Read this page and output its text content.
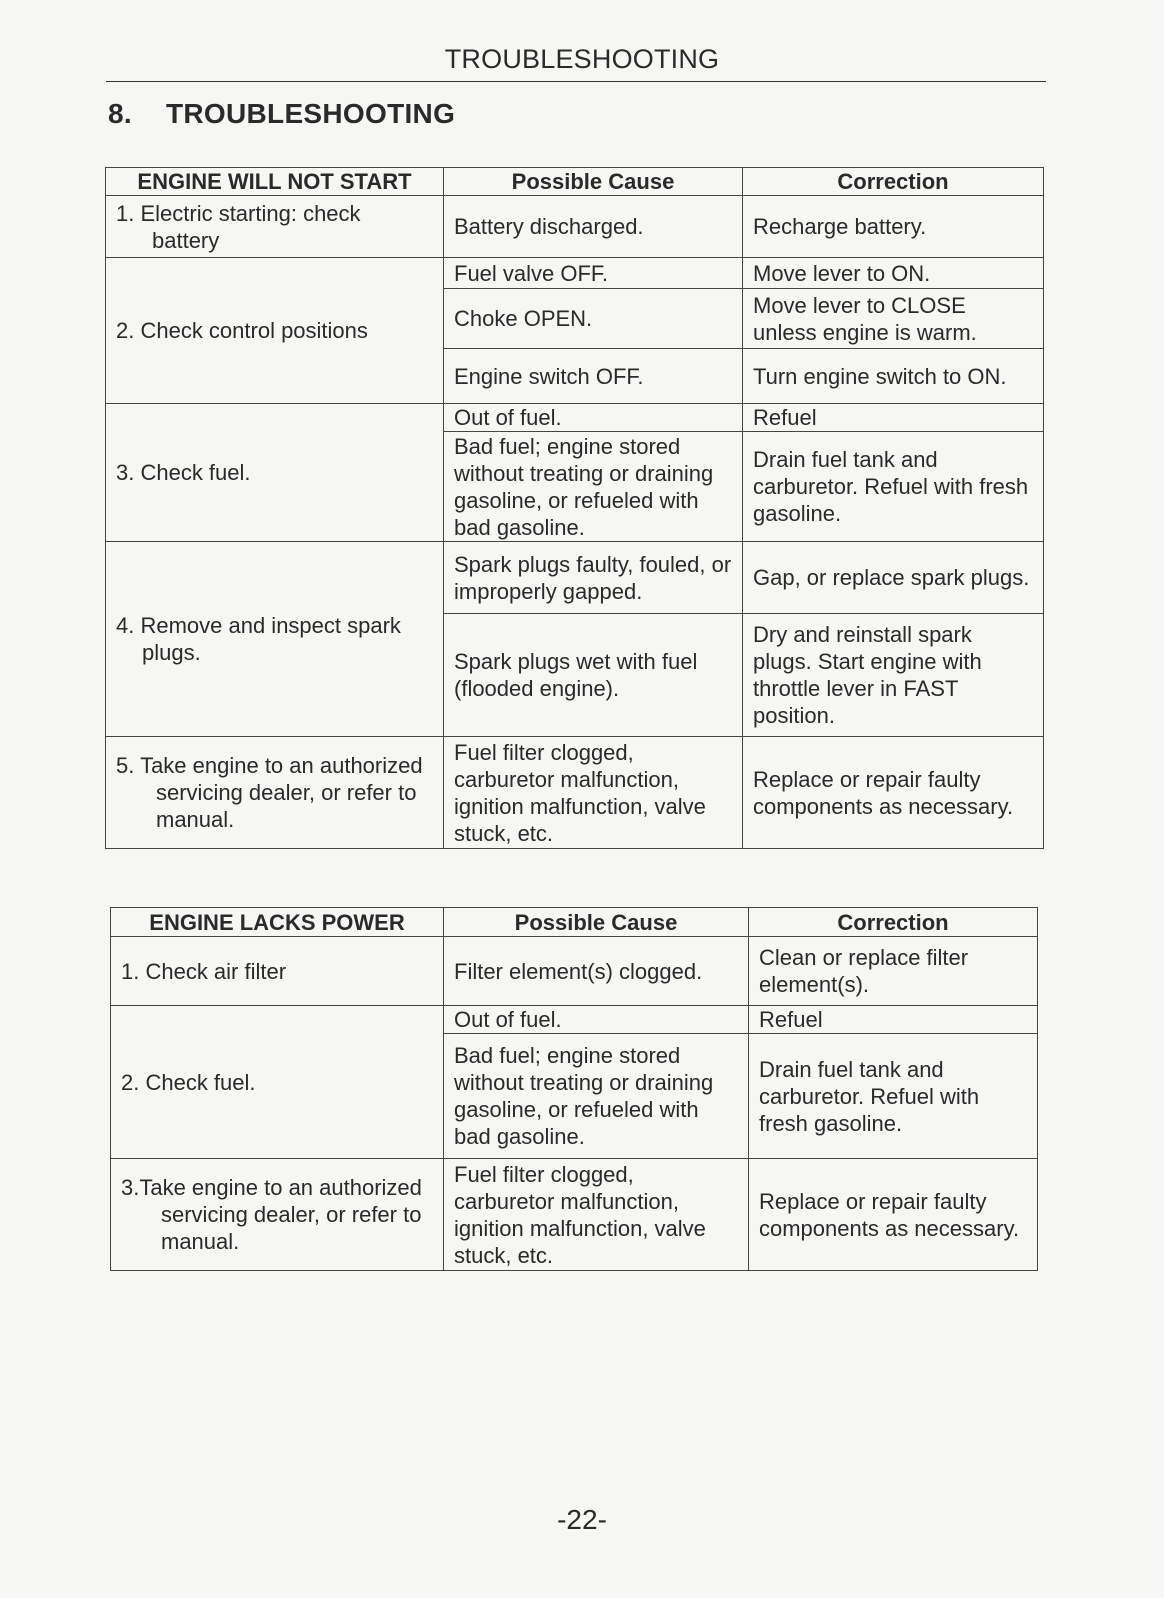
TROUBLESHOOTING
8. TROUBLESHOOTING
ENGINE WILL NOT START	Possible Cause	Correction

1. Electric starting: check battery	Battery discharged.	Recharge battery.
2. Check control positions	Fuel valve OFF.	Move lever to ON.
	Choke OPEN.	Move lever to CLOSE unless engine is warm.
	Engine switch OFF.	Turn engine switch to ON.
3. Check fuel.	Out of fuel.	Refuel
	Bad fuel; engine stored without treating or draining gasoline, or refueled with bad gasoline.	Drain fuel tank and carburetor. Refuel with fresh gasoline.

4. Remove and inspect spark plugs.	Spark plugs faulty, fouled, or improperly gapped.	Gap, or replace spark plugs.
	Spark plugs wet with fuel (flooded engine).	Dry and reinstall spark plugs. Start engine with throttle lever in FAST position.

5. Take engine to an authorized servicing dealer, or refer to manual.	Fuel filter clogged, carburetor malfunction, ignition malfunction, valve stuck, etc.	Replace or repair faulty components as necessary.
ENGINE LACKS POWER	Possible Cause	Correction
1. Check air filter	Filter element(s) clogged.	Clean or replace filter element(s).
2. Check fuel.	Out of fuel.	Refuel
	Bad fuel; engine stored without treating or draining gasoline, or refueled with bad gasoline.	Drain fuel tank and carburetor. Refuel with fresh gasoline.

3.Take engine to an authorized servicing dealer, or refer to manual.	Fuel filter clogged, carburetor malfunction, ignition malfunction, valve stuck, etc.	Replace or repair faulty components as necessary.
-22-
